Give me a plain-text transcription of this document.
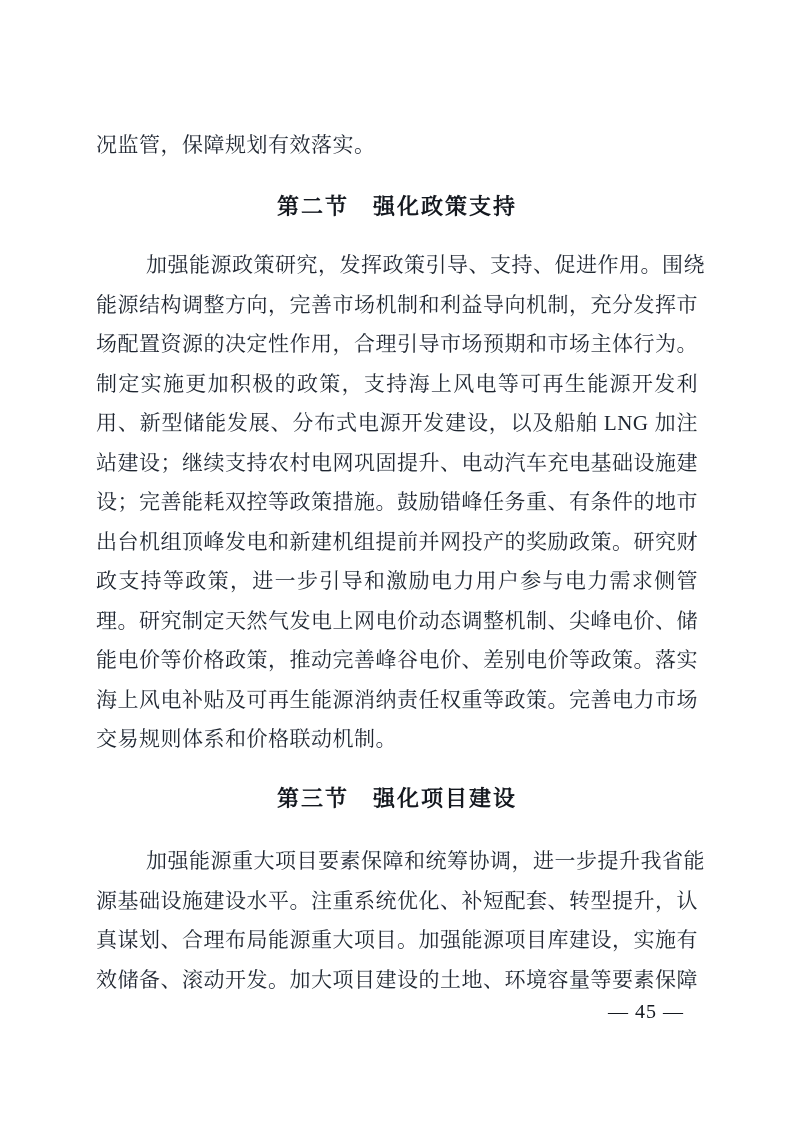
况监管，保障规划有效落实。
第二节　强化政策支持
加强能源政策研究，发挥政策引导、支持、促进作用。围绕
能源结构调整方向，完善市场机制和利益导向机制，充分发挥市
场配置资源的决定性作用，合理引导市场预期和市场主体行为。
制定实施更加积极的政策，支持海上风电等可再生能源开发利
用、新型储能发展、分布式电源开发建设，以及船舶 LNG 加注
站建设；继续支持农村电网巩固提升、电动汽车充电基础设施建
设；完善能耗双控等政策措施。鼓励错峰任务重、有条件的地市
出台机组顶峰发电和新建机组提前并网投产的奖励政策。研究财
政支持等政策，进一步引导和激励电力用户参与电力需求侧管
理。研究制定天然气发电上网电价动态调整机制、尖峰电价、储
能电价等价格政策，推动完善峰谷电价、差别电价等政策。落实
海上风电补贴及可再生能源消纳责任权重等政策。完善电力市场
交易规则体系和价格联动机制。
第三节　强化项目建设
加强能源重大项目要素保障和统筹协调，进一步提升我省能
源基础设施建设水平。注重系统优化、补短配套、转型提升，认
真谋划、合理布局能源重大项目。加强能源项目库建设，实施有
效储备、滚动开发。加大项目建设的土地、环境容量等要素保障
— 45 —
